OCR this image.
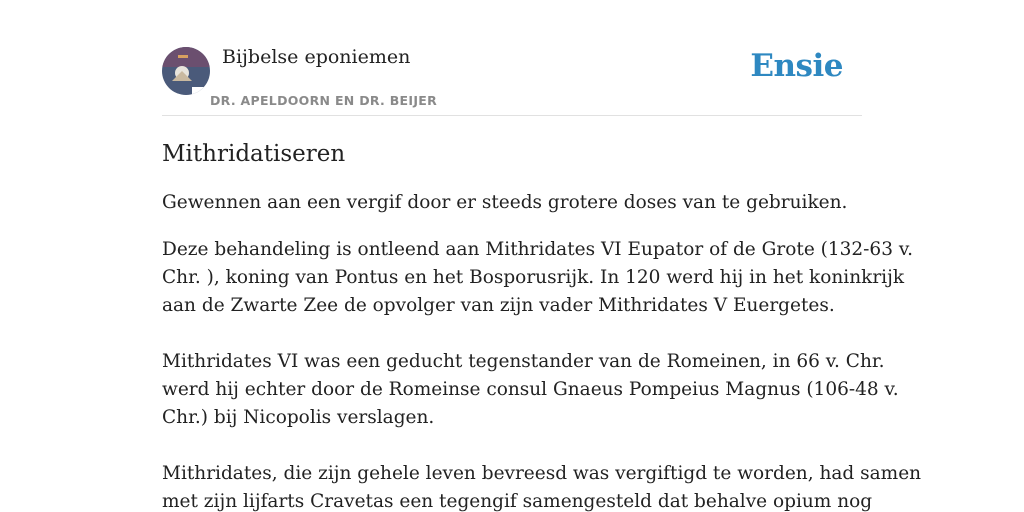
Bijbelse eponiemen
DR. APELDOORN EN DR. BEIJER
Ensie
Mithridatiseren

Gewennen aan een vergif door er steeds grotere doses van te gebruiken.

Deze behandeling is ontleend aan Mithridates VI Eupator of de Grote (132-63 v.
Chr. ), koning van Pontus en het Bosporusrijk. In 120 werd hij in het koninkrijk
aan de Zwarte Zee de opvolger van zijn vader Mithridates V Euergetes.

Mithridates VI was een geducht tegenstander van de Romeinen, in 66 v. Chr.
werd hij echter door de Romeinse consul Gnaeus Pompeius Magnus (106-48 v.
Chr.) bij Nicopolis verslagen.

Mithridates, die zijn gehele leven bevreesd was vergiftigd te worden, had samen
met zijn lijfarts Cravetas een tegengif samengesteld dat behalve opium nog
